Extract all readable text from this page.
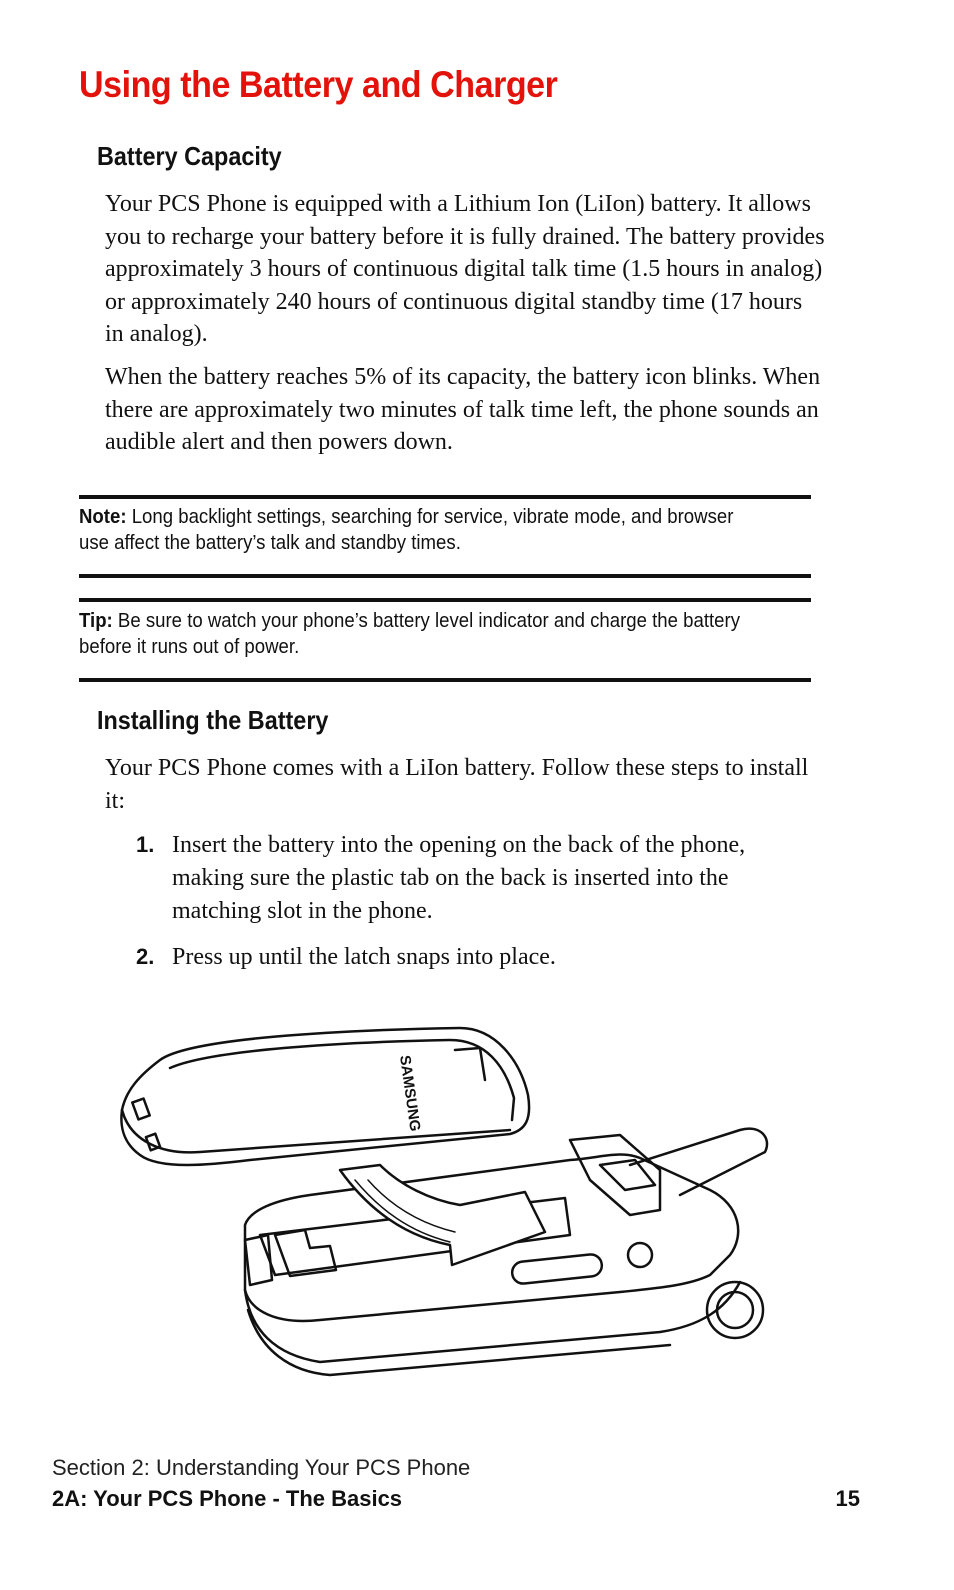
Using the Battery and Charger
Battery Capacity

Your PCS Phone is equipped with a Lithium Ion (LiIon) battery. It allows you to recharge your battery before it is fully drained. The battery provides approximately 3 hours of continuous digital talk time (1.5 hours in analog) or approximately 240 hours of continuous digital standby time (17 hours in analog).

When the battery reaches 5% of its capacity, the battery icon blinks. When there are approximately two minutes of talk time left, the phone sounds an audible alert and then powers down.

Note: Long backlight settings, searching for service, vibrate mode, and browser use affect the battery’s talk and standby times.

Tip: Be sure to watch your phone’s battery level indicator and charge the battery before it runs out of power.

Installing the Battery

Your PCS Phone comes with a LiIon battery. Follow these steps to install it:

1. Insert the battery into the opening on the back of the phone, making sure the plastic tab on the back is inserted into the matching slot in the phone.

2. Press up until the latch snaps into place.

SAMSUNG

Section 2: Understanding Your PCS Phone

2A: Your PCS Phone - The Basics	15
